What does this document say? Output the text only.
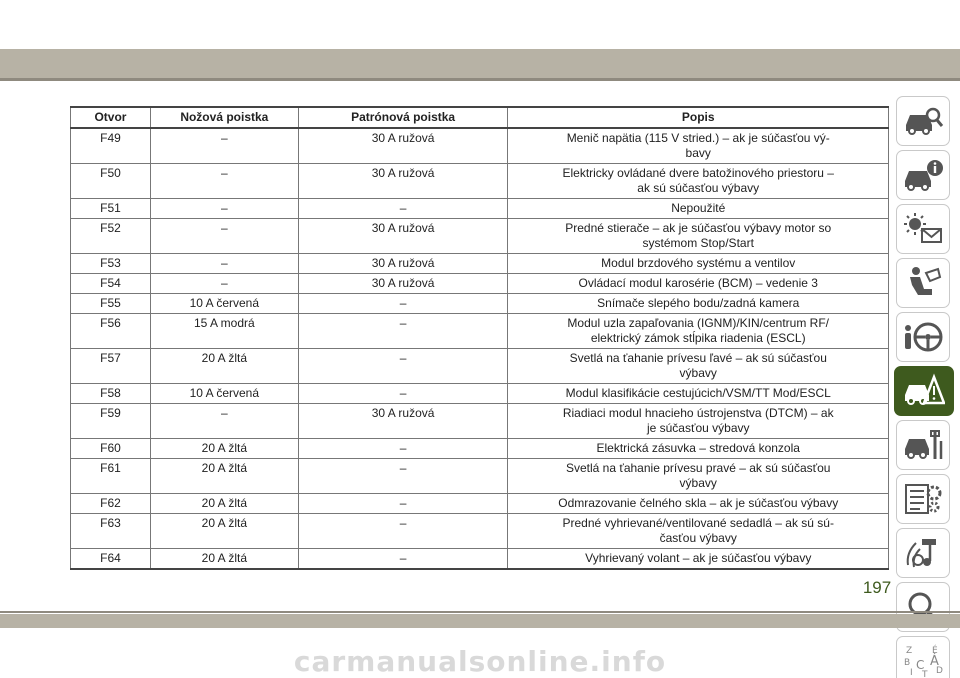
Otvor	Nožová poistka	Patrónová poistka	Popis
F49	–	30 A ružová	Menič napätia (115 V stried.) – ak je súčasťou vý-
bavy
F50	–	30 A ružová	Elektricky ovládané dvere batožinového priestoru –
ak sú súčasťou výbavy
F51	–	–	Nepoužité
F52	–	30 A ružová	Predné stierače – ak je súčasťou výbavy motor so
systémom Stop/Start
F53	–	30 A ružová	Modul brzdového systému a ventilov
F54	–	30 A ružová	Ovládací modul karosérie (BCM) – vedenie 3
F55	10 A červená	–	Snímače slepého bodu/zadná kamera
F56	15 A modrá	–	Modul uzla zapaľovania (IGNM)/KIN/centrum RF/
elektrický zámok stĺpika riadenia (ESCL)
F57	20 A žltá	–	Svetlá na ťahanie prívesu ľavé – ak sú súčasťou
výbavy
F58	10 A červená	–	Modul klasifikácie cestujúcich/VSM/TT Mod/ESCL
F59	–	30 A ružová	Riadiaci modul hnacieho ústrojenstva (DTCM) – ak
je súčasťou výbavy
F60	20 A žltá	–	Elektrická zásuvka – stredová konzola
F61	20 A žltá	–	Svetlá na ťahanie prívesu pravé – ak sú súčasťou
výbavy
F62	20 A žltá	–	Odmrazovanie čelného skla – ak je súčasťou výbavy
F63	20 A žltá	–	Predné vyhrievané/ventilované sedadlá – ak sú sú-
časťou výbavy
F64	20 A žltá	–	Vyhrievaný volant – ak je súčasťou výbavy
Z É
B Á
I
C
T D
197
carmanualsonline.info
